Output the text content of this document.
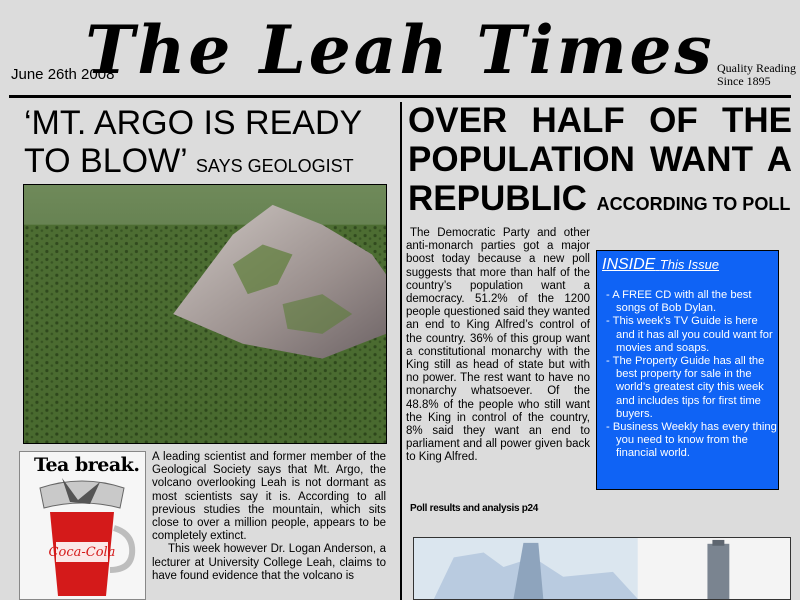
The Leah Times
June 26th 2008	Quality Reading
Since 1895
‘MT. ARGO IS READY TO BLOW’ SAYS GEOLOGIST
Tea break.
Coca-Cola

A leading scientist and former member of the Geological Society says that Mt. Argo, the volcano overlooking Leah is not dormant as most scientists say it is. According to all previous studies the mountain, which sits close to over a million people, appears to be completely extinct.

This week however Dr. Logan Anderson, a lecturer at University College Leah, claims to have found evidence that the volcano is

OVER HALF OF THE POPULATION WANT A REPUBLIC ACCORDING TO POLL

The Democratic Party and other anti-monarch parties got a major boost today because a new poll suggests that more than half of the country’s population want a democracy. 51.2% of the 1200 people questioned said they wanted an end to King Alfred’s control of the country. 36% of this group want a constitutional monarchy with the King still as head of state but with no power. The rest want to have no monarchy whatsoever. Of the 48.8% of the people who still want the King in control of the country, 8% said they want an end to parliament and all power given back to King Alfred.

Poll results and analysis p24
INSIDE This Issue
- A FREE CD with all the best songs of Bob Dylan.
- This week’s TV Guide is here and it has all you could want for movies and soaps.
- The Property Guide has all the best property for sale in the world’s greatest city this week and includes tips for first time buyers.
- Business Weekly has every thing you need to know from the financial world.
